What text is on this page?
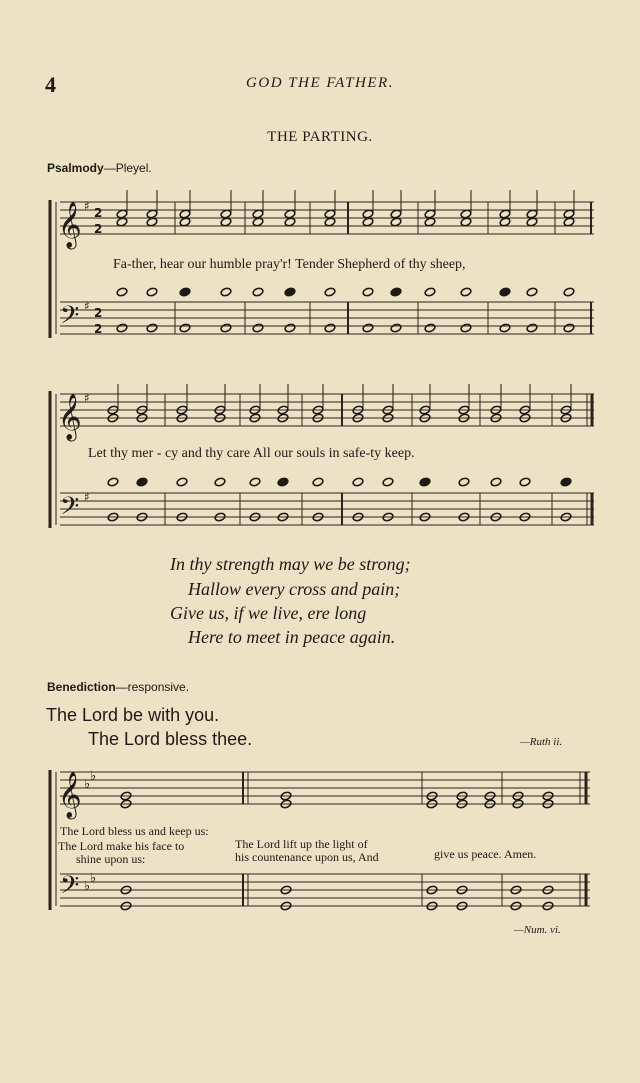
4	GOD THE FATHER.
THE PARTING.
Psalmody—Pleyel.
𝄞
𝄢
𝄞
𝄢
𝄞
𝄢
♯
♯
♯
♯
♭
♭
♭
♭
2
2
2
2
Fa-ther, hear our humble pray'r! Tender Shepherd of thy sheep,
Let thy mer - cy and thy care All our souls in safe-ty keep.
In thy strength may we be strong;
Hallow every cross and pain;
Give us, if we live, ere long
Here to meet in peace again.
Benediction—responsive.
The Lord be with you.
The Lord bless thee.	—Ruth ii.
The Lord bless us and keep us:
The Lord make his face to
shine upon us:
The Lord lift up the light of
his countenance upon us, And	give us peace. Amen.
—Num. vi.
